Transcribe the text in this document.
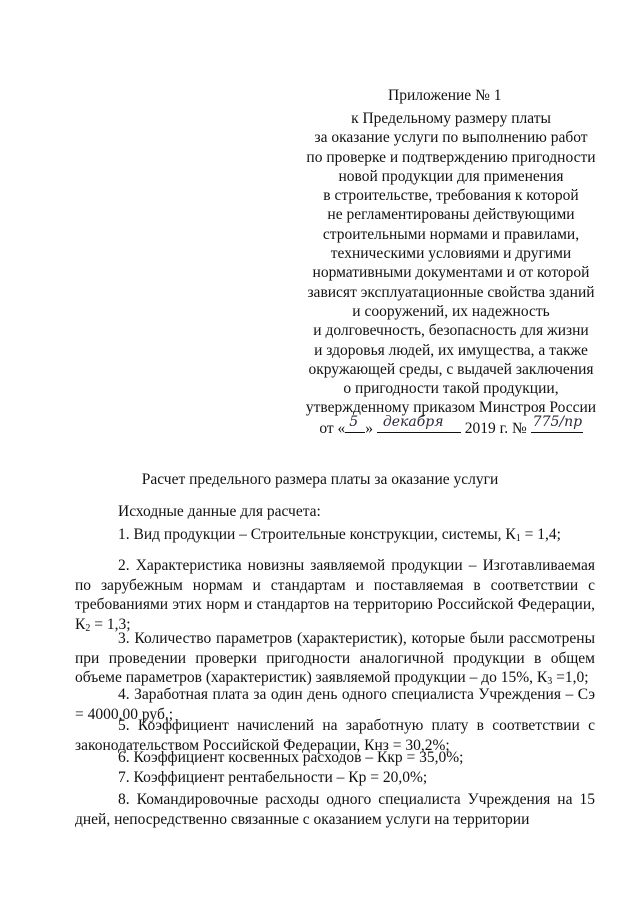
Приложение № 1
к Предельному размеру платы
за оказание услуги по выполнению работ
по проверке и подтверждению пригодности
новой продукции для применения
в строительстве, требования к которой
не регламентированы действующими
строительными нормами и правилами,
техническими условиями и другими
нормативными документами и от которой
зависят эксплуатационные свойства зданий
и сооружений, их надежность
и долговечность, безопасность для жизни
и здоровья людей, их имущества, а также
окружающей среды, с выдачей заключения
о пригодности такой продукции,
утвержденному приказом Минстроя России
от « 5 » декабря 2019 г. № 775/пр
Расчет предельного размера платы за оказание услуги
Исходные данные для расчета:

1. Вид продукции – Строительные конструкции, системы, $К_1 = 1,4$;

2. Характеристика новизны заявляемой продукции – Изготавливаемая по зарубежным нормам и стандартам и поставляемая в соответствии с требованиями этих норм и стандартов на территорию Российской Федерации, $К_2 = 1,3$;

3. Количество параметров (характеристик), которые были рассмотрены при проведении проверки пригодности аналогичной продукции в общем объеме параметров (характеристик) заявляемой продукции – до 15%, $К_3 =1,0$;

4. Заработная плата за один день одного специалиста Учреждения – Сэ = 4000,00 руб.;

5. Коэффициент начислений на заработную плату в соответствии с законодательством Российской Федерации, Кнз = 30,2%;

6. Коэффициент косвенных расходов – Ккр = 35,0%;

7. Коэффициент рентабельности – Кр = 20,0%;

8. Командировочные расходы одного специалиста Учреждения на 15 дней, непосредственно связанные с оказанием услуги на территории
